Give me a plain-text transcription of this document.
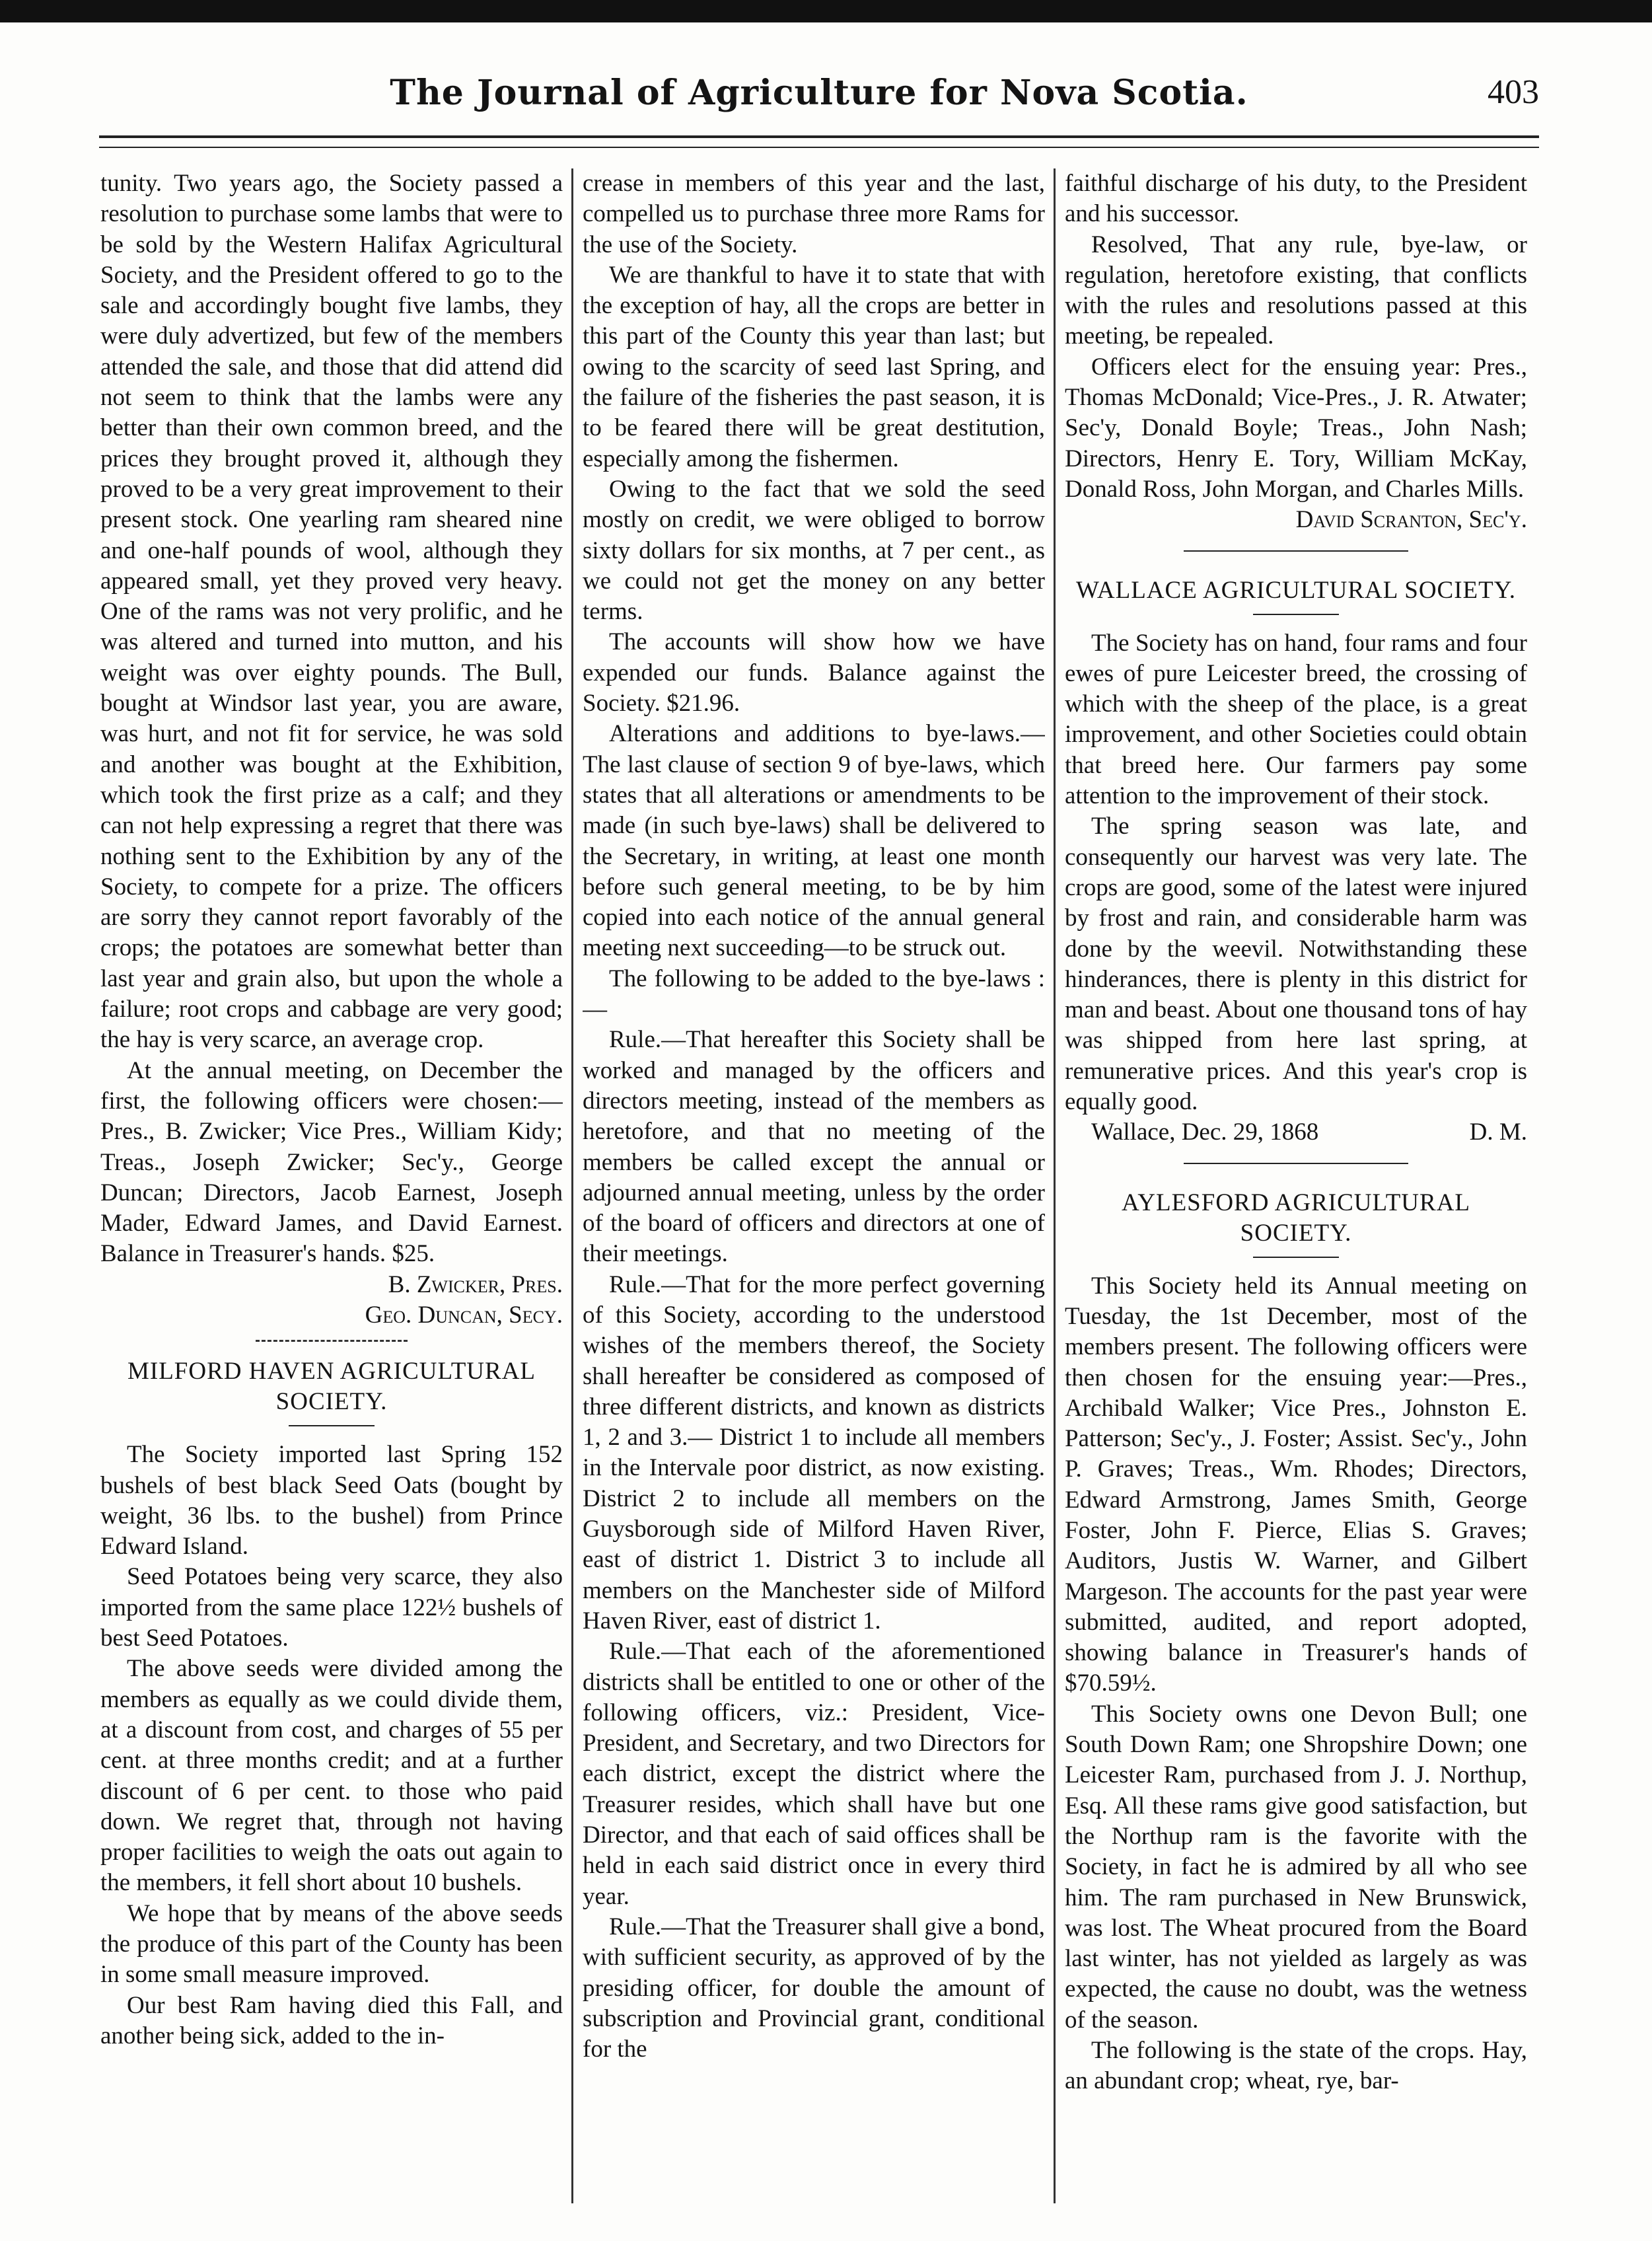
The Journal of Agriculture for Nova Scotia.	403

tunity. Two years ago, the Society passed a resolution to purchase some lambs that were to be sold by the Western Halifax Agricultural Society, and the President offered to go to the sale and accordingly bought five lambs, they were duly advertized, but few of the members attended the sale, and those that did attend did not seem to think that the lambs were any better than their own common breed, and the prices they brought proved it, although they proved to be a very great improvement to their present stock. One yearling ram sheared nine and one-half pounds of wool, although they appeared small, yet they proved very heavy. One of the rams was not very prolific, and he was altered and turned into mutton, and his weight was over eighty pounds. The Bull, bought at Windsor last year, you are aware, was hurt, and not fit for service, he was sold and another was bought at the Exhibition, which took the first prize as a calf; and they can not help expressing a regret that there was nothing sent to the Exhibition by any of the Society, to compete for a prize. The officers are sorry they cannot report favorably of the crops; the potatoes are somewhat better than last year and grain also, but upon the whole a failure; root crops and cabbage are very good; the hay is very scarce, an average crop.

At the annual meeting, on December the first, the following officers were chosen:—Pres., B. Zwicker; Vice Pres., William Kidy; Treas., Joseph Zwicker; Sec'y., George Duncan; Directors, Jacob Earnest, Joseph Mader, Edward James, and David Earnest. Balance in Treasurer's hands. $25.

B. Zwicker, Pres.

Geo. Duncan, Secy.

MILFORD HAVEN AGRICULTURAL SOCIETY.

The Society imported last Spring 152 bushels of best black Seed Oats (bought by weight, 36 lbs. to the bushel) from Prince Edward Island.

Seed Potatoes being very scarce, they also imported from the same place 122½ bushels of best Seed Potatoes.

The above seeds were divided among the members as equally as we could divide them, at a discount from cost, and charges of 55 per cent. at three months credit; and at a further discount of 6 per cent. to those who paid down. We regret that, through not having proper facilities to weigh the oats out again to the members, it fell short about 10 bushels.

We hope that by means of the above seeds the produce of this part of the County has been in some small measure improved.

Our best Ram having died this Fall, and another being sick, added to the in-

crease in members of this year and the last, compelled us to purchase three more Rams for the use of the Society.

We are thankful to have it to state that with the exception of hay, all the crops are better in this part of the County this year than last; but owing to the scarcity of seed last Spring, and the failure of the fisheries the past season, it is to be feared there will be great destitution, especially among the fishermen.

Owing to the fact that we sold the seed mostly on credit, we were obliged to borrow sixty dollars for six months, at 7 per cent., as we could not get the money on any better terms.

The accounts will show how we have expended our funds. Balance against the Society. $21.96.

Alterations and additions to bye-laws.— The last clause of section 9 of bye-laws, which states that all alterations or amendments to be made (in such bye-laws) shall be delivered to the Secretary, in writing, at least one month before such general meeting, to be by him copied into each notice of the annual general meeting next succeeding—to be struck out.

The following to be added to the bye-laws :—

Rule.—That hereafter this Society shall be worked and managed by the officers and directors meeting, instead of the members as heretofore, and that no meeting of the members be called except the annual or adjourned annual meeting, unless by the order of the board of officers and directors at one of their meetings.

Rule.—That for the more perfect governing of this Society, according to the understood wishes of the members thereof, the Society shall hereafter be considered as composed of three different districts, and known as districts 1, 2 and 3.— District 1 to include all members in the Intervale poor district, as now existing. District 2 to include all members on the Guysborough side of Milford Haven River, east of district 1. District 3 to include all members on the Manchester side of Milford Haven River, east of district 1.

Rule.—That each of the aforementioned districts shall be entitled to one or other of the following officers, viz.: President, Vice-President, and Secretary, and two Directors for each district, except the district where the Treasurer resides, which shall have but one Director, and that each of said offices shall be held in each said district once in every third year.

Rule.—That the Treasurer shall give a bond, with sufficient security, as approved of by the presiding officer, for double the amount of subscription and Provincial grant, conditional for the

faithful discharge of his duty, to the President and his successor.

Resolved, That any rule, bye-law, or regulation, heretofore existing, that conflicts with the rules and resolutions passed at this meeting, be repealed.

Officers elect for the ensuing year: Pres., Thomas McDonald; Vice-Pres., J. R. Atwater; Sec'y, Donald Boyle; Treas., John Nash; Directors, Henry E. Tory, William McKay, Donald Ross, John Morgan, and Charles Mills.

David Scranton, Sec'y.

WALLACE AGRICULTURAL SOCIETY.

The Society has on hand, four rams and four ewes of pure Leicester breed, the crossing of which with the sheep of the place, is a great improvement, and other Societies could obtain that breed here. Our farmers pay some attention to the improvement of their stock.

The spring season was late, and consequently our harvest was very late. The crops are good, some of the latest were injured by frost and rain, and considerable harm was done by the weevil. Notwithstanding these hinderances, there is plenty in this district for man and beast. About one thousand tons of hay was shipped from here last spring, at remunerative prices. And this year's crop is equally good.

Wallace, Dec. 29, 1868	D. M.

AYLESFORD AGRICULTURAL SOCIETY.

This Society held its Annual meeting on Tuesday, the 1st December, most of the members present. The following officers were then chosen for the ensuing year:—Pres., Archibald Walker; Vice Pres., Johnston E. Patterson; Sec'y., J. Foster; Assist. Sec'y., John P. Graves; Treas., Wm. Rhodes; Directors, Edward Armstrong, James Smith, George Foster, John F. Pierce, Elias S. Graves; Auditors, Justis W. Warner, and Gilbert Margeson. The accounts for the past year were submitted, audited, and report adopted, showing balance in Treasurer's hands of $70.59½.

This Society owns one Devon Bull; one South Down Ram; one Shropshire Down; one Leicester Ram, purchased from J. J. Northup, Esq. All these rams give good satisfaction, but the Northup ram is the favorite with the Society, in fact he is admired by all who see him. The ram purchased in New Brunswick, was lost. The Wheat procured from the Board last winter, has not yielded as largely as was expected, the cause no doubt, was the wetness of the season.

The following is the state of the crops. Hay, an abundant crop; wheat, rye, bar-
